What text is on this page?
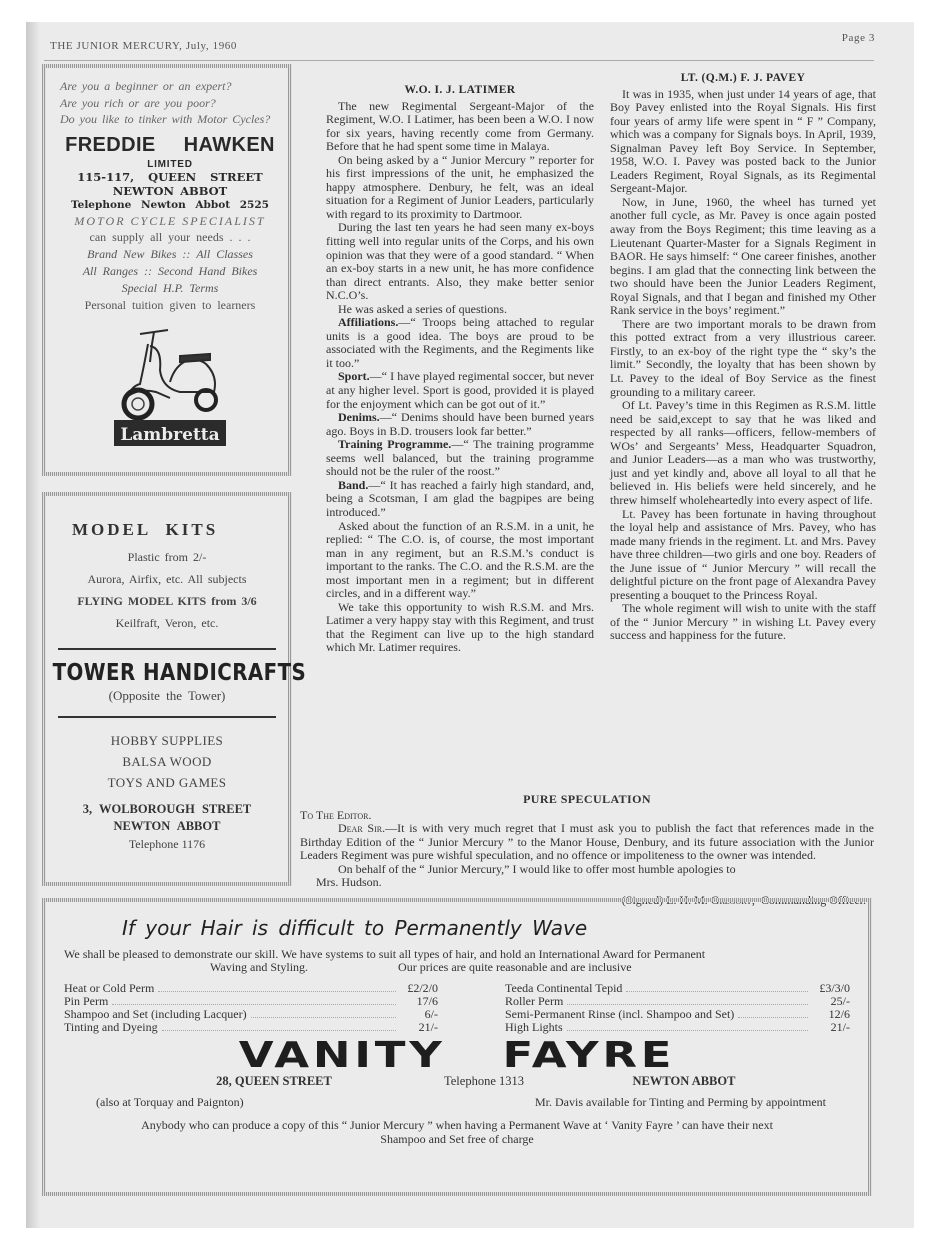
THE JUNIOR MERCURY, July, 1960
Page 3
Are you a beginner or an expert?
Are you rich or are you poor?
Do you like to tinker with Motor Cycles?
FREDDIE HAWKEN
LIMITED
115-117, QUEEN STREET
NEWTON ABBOT
Telephone Newton Abbot 2525
MOTOR CYCLE SPECIALIST
can supply all your needs . . .
Brand New Bikes :: All Classes
All Ranges :: Second Hand Bikes
Special H.P. Terms
Personal tuition given to learners
Lambretta
MODEL KITS
Plastic from 2/-
Aurora, Airfix, etc. All subjects
FLYING MODEL KITS from 3/6
Keilfraft, Veron, etc.
TOWER HANDICRAFTS
(Opposite the Tower)
HOBBY SUPPLIES
BALSA WOOD
TOYS AND GAMES
3, WOLBOROUGH STREET
NEWTON ABBOT
Telephone 1176
W.O. I. J. LATIMER

The new Regimental Sergeant-Major of the Regiment, W.O. I Latimer, has been been a W.O. I now for six years, having recently come from Germany. Before that he had spent some time in Malaya.

On being asked by a “ Junior Mercury ” reporter for his first impressions of the unit, he emphasized the happy atmosphere. Denbury, he felt, was an ideal situation for a Regiment of Junior Leaders, particularly with regard to its proximity to Dartmoor.

During the last ten years he had seen many ex-boys fitting well into regular units of the Corps, and his own opinion was that they were of a good standard. “ When an ex-boy starts in a new unit, he has more confidence than direct entrants. Also, they make better senior N.C.O’s.

He was asked a series of questions.

Affiliations.—“ Troops being attached to regular units is a good idea. The boys are proud to be associated with the Regiments, and the Regiments like it too.”

Sport.—“ I have played regimental soccer, but never at any higher level. Sport is good, provided it is played for the enjoyment which can be got out of it.”

Denims.—“ Denims should have been burned years ago. Boys in B.D. trousers look far better.”

Training Programme.—“ The training programme seems well balanced, but the training programme should not be the ruler of the roost.”

Band.—“ It has reached a fairly high standard, and, being a Scotsman, I am glad the bagpipes are being introduced.”

Asked about the function of an R.S.M. in a unit, he replied: “ The C.O. is, of course, the most important man in any regiment, but an R.S.M.’s conduct is important to the ranks. The C.O. and the R.S.M. are the most important men in a regiment; but in different circles, and in a different way.”

We take this opportunity to wish R.S.M. and Mrs. Latimer a very happy stay with this Regiment, and trust that the Regiment can live up to the high standard which Mr. Latimer requires.

LT. (Q.M.) F. J. PAVEY

It was in 1935, when just under 14 years of age, that Boy Pavey enlisted into the Royal Signals. His first four years of army life were spent in “ F ” Company, which was a company for Signals boys. In April, 1939, Signalman Pavey left Boy Service. In September, 1958, W.O. I. Pavey was posted back to the Junior Leaders Regiment, Royal Signals, as its Regimental Sergeant-Major.

Now, in June, 1960, the wheel has turned yet another full cycle, as Mr. Pavey is once again posted away from the Boys Regiment; this time leaving as a Lieutenant Quarter-Master for a Signals Regiment in BAOR. He says himself: “ One career finishes, another begins. I am glad that the connecting link between the two should have been the Junior Leaders Regiment, Royal Signals, and that I began and finished my Other Rank service in the boys’ regiment.”

There are two important morals to be drawn from this potted extract from a very illustrious career. Firstly, to an ex-boy of the right type the “ sky’s the limit.” Secondly, the loyalty that has been shown by Lt. Pavey to the ideal of Boy Service as the finest grounding to a military career.

Of Lt. Pavey’s time in this Regimen as R.S.M. little need be said,except to say that he was liked and respected by all ranks—officers, fellow-members of WOs’ and Sergeants’ Mess, Headquarter Squadron, and Junior Leaders—as a man who was trustworthy, just and yet kindly and, above all loyal to all that he believed in. His beliefs were held sincerely, and he threw himself wholeheartedly into every aspect of life.

Lt. Pavey has been fortunate in having throughout the loyal help and assistance of Mrs. Pavey, who has made many friends in the regiment. Lt. and Mrs. Pavey have three children—two girls and one boy. Readers of the June issue of “ Junior Mercury ” will recall the delightful picture on the front page of Alexandra Pavey presenting a bouquet to the Princess Royal.

The whole regiment will wish to unite with the staff of the “ Junior Mercury ” in wishing Lt. Pavey every success and happiness for the future.

PURE SPECULATION
To The Editor.

Dear Sir.—It is with very much regret that I must ask you to publish the fact that references made in the Birthday Edition of the “ Junior Mercury ” to the Manor House, Denbury, and its future association with the Junior Leaders Regiment was pure wishful speculation, and no offence or impoliteness to the owner was intended.

On behalf of the “ Junior Mercury,” I would like to offer most humble apologies to

Mrs. Hudson.
(Signed) L. H. M. Gregory, Commanding Officer.
If your Hair is difficult to Permanently Wave
We shall be pleased to demonstrate our skill. We have systems to suit all types of hair, and hold an International Award for Permanent
Waving and Styling.                              Our prices are quite reasonable and are inclusive
Heat or Cold Perm	£2/2/0
Pin Perm	17/6
Shampoo and Set (including Lacquer)	6/-
Tinting and Dyeing	21/-
Teeda Continental Tepid	£3/3/0
Roller Perm	25/-
Semi-Permanent Rinse (incl. Shampoo and Set)	12/6
High Lights	21/-
VANITY FAYRE
28, QUEEN STREET	Telephone 1313	NEWTON ABBOT
(also at Torquay and Paignton)	Mr. Davis available for Tinting and Perming by appointment
Anybody who can produce a copy of this “ Junior Mercury ” when having a Permanent Wave at ‘ Vanity Fayre ’ can have their next
Shampoo and Set free of charge
